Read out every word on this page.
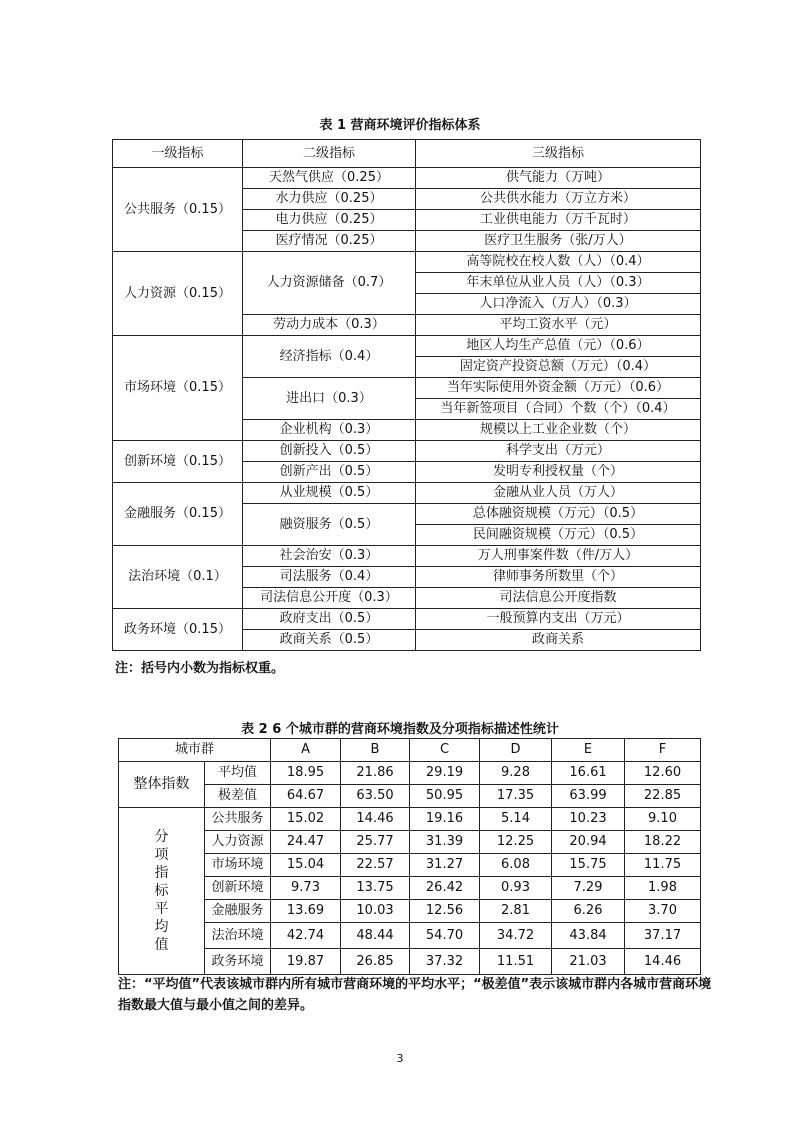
表 1 营商环境评价指标体系
一级指标	二级指标	三级指标
公共服务（0.15）	天然气供应（0.25）	供气能力（万吨）
	水力供应（0.25）	公共供水能力（万立方米）
	电力供应（0.25）	工业供电能力（万千瓦时）
	医疗情况（0.25）	医疗卫生服务（张/万人）
人力资源（0.15）	人力资源储备（0.7）	高等院校在校人数（人）（0.4）
		年末单位从业人员（人）（0.3）
		人口净流入（万人）（0.3）
	劳动力成本（0.3）	平均工资水平（元）
市场环境（0.15）	经济指标（0.4）	地区人均生产总值（元）（0.6）
		固定资产投资总额（万元）（0.4）
	进出口（0.3）	当年实际使用外资金额（万元）（0.6）
		当年新签项目（合同）个数（个）（0.4）
	企业机构（0.3）	规模以上工业企业数（个）
创新环境（0.15）	创新投入（0.5）	科学支出（万元）
	创新产出（0.5）	发明专利授权量（个）
金融服务（0.15）	从业规模（0.5）	金融从业人员（万人）
	融资服务（0.5）	总体融资规模（万元）（0.5）
		民间融资规模（万元）（0.5）
法治环境（0.1）	社会治安（0.3）	万人刑事案件数（件/万人）
	司法服务（0.4）	律师事务所数里（个）
	司法信息公开度（0.3）	司法信息公开度指数
政务环境（0.15）	政府支出（0.5）	一般预算内支出（万元）
	政商关系（0.5）	政商关系
注：括号内小数为指标权重。
表 2 6 个城市群的营商环境指数及分项指标描述性统计
城市群		A	B	C	D	E	F
整体指数	平均值	18.95	21.86	29.19	9.28	16.61	12.60
	极差值	64.67	63.50	50.95	17.35	63.99	22.85
分项指标平均值	公共服务	15.02	14.46	19.16	5.14	10.23	9.10
	人力资源	24.47	25.77	31.39	12.25	20.94	18.22
	市场环境	15.04	22.57	31.27	6.08	15.75	11.75
	创新环境	9.73	13.75	26.42	0.93	7.29	1.98
	金融服务	13.69	10.03	12.56	2.81	6.26	3.70
	法治环境	42.74	48.44	54.70	34.72	43.84	37.17
	政务环境	19.87	26.85	37.32	11.51	21.03	14.46
注：“平均值”代表该城市群内所有城市营商环境的平均水平；“极差值”表示该城市群内各城市营商环境指数最大值与最小值之间的差异。
3
